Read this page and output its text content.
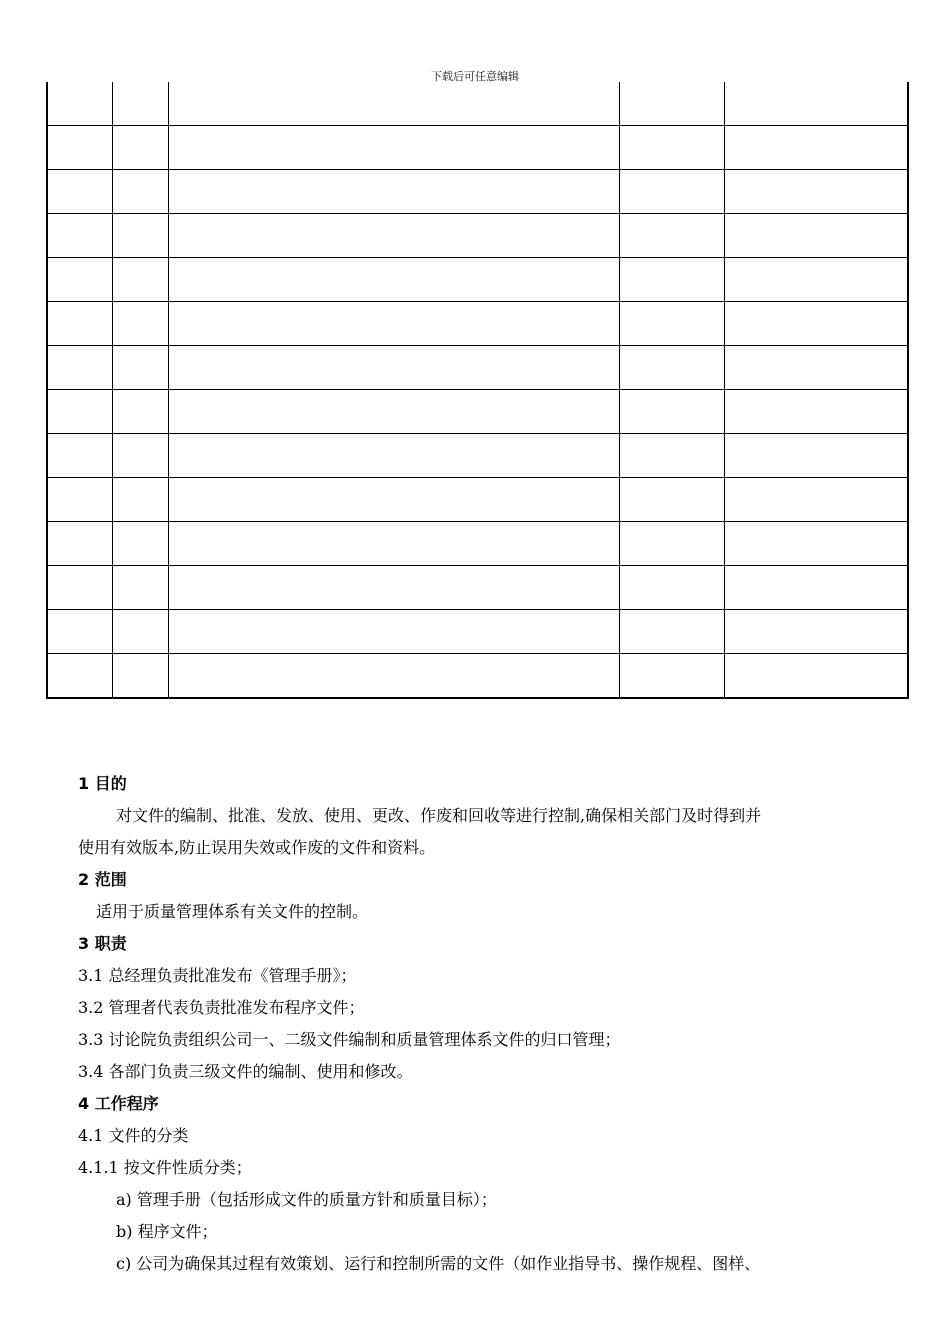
下载后可任意编辑

1 目的

对文件的编制、批准、发放、使用、更改、作废和回收等进行控制,确保相关部门及时得到并

使用有效版本,防止误用失效或作废的文件和资料。

2 范围

适用于质量管理体系有关文件的控制。

3 职责

3.1 总经理负责批准发布《管理手册》；

3.2 管理者代表负责批准发布程序文件；

3.3 讨论院负责组织公司一、二级文件编制和质量管理体系文件的归口管理；

3.4 各部门负责三级文件的编制、使用和修改。

4 工作程序

4.1 文件的分类

4.1.1 按文件性质分类；

a) 管理手册（包括形成文件的质量方针和质量目标）；

b) 程序文件；

c) 公司为确保其过程有效策划、运行和控制所需的文件（如作业指导书、操作规程、图样、
